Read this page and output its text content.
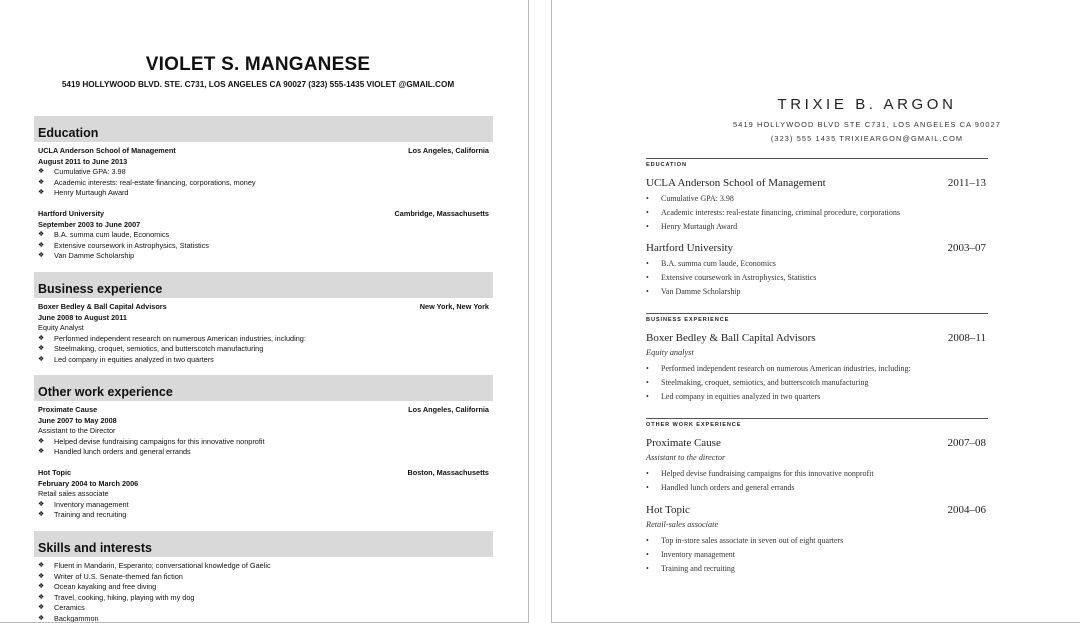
VIOLET S. MANGANESE
5419 HOLLYWOOD BLVD. STE. C731, LOS ANGELES CA 90027 (323) 555-1435 VIOLET @GMAIL.COM
Education
UCLA Anderson School of Management	Los Angeles, California
August 2011 to June 2013
❖ Cumulative GPA: 3.98
❖ Academic interests: real-estate financing, corporations, money
❖ Henry Murtaugh Award
Hartford University	Cambridge, Massachusetts
September 2003 to June 2007
❖ B.A. summa cum laude, Economics
❖ Extensive coursework in Astrophysics, Statistics
❖ Van Damme Scholarship
Business experience
Boxer Bedley & Ball Capital Advisors	New York, New York
June 2008 to August 2011
Equity Analyst
❖ Performed independent research on numerous American industries, including:
❖ Steelmaking, croquet, semiotics, and butterscotch manufacturing
❖ Led company in equities analyzed in two quarters
Other work experience
Proximate Cause	Los Angeles, California
June 2007 to May 2008
Assistant to the Director
❖ Helped devise fundraising campaigns for this innovative nonprofit
❖ Handled lunch orders and general errands
Hot Topic	Boston, Massachusetts
February 2004 to March 2006
Retail sales associate
❖ Inventory management
❖ Training and recruiting
Skills and interests
❖ Fluent in Mandarin, Esperanto; conversational knowledge of Gaelic
❖ Writer of U.S. Senate-themed fan fiction
❖ Ocean kayaking and free diving
❖ Travel, cooking, hiking, playing with my dog
❖ Ceramics
❖ Backgammon
TRIXIE B. ARGON
5419 HOLLYWOOD BLVD STE C731, LOS ANGELES CA 90027
(323) 555 1435 TRIXIEARGON@GMAIL.COM
EDUCATION
UCLA Anderson School of Management	2011–13
• Cumulative GPA: 3.98
• Academic interests: real-estate financing, criminal procedure, corporations
• Henry Murtaugh Award
Hartford University	2003–07
• B.A. summa cum laude, Economics
• Extensive coursework in Astrophysics, Statistics
• Van Damme Scholarship
BUSINESS EXPERIENCE
Boxer Bedley & Ball Capital Advisors	2008–11
Equity analyst
• Performed independent research on numerous American industries, including:
• Steelmaking, croquet, semiotics, and butterscotch manufacturing
• Led company in equities analyzed in two quarters
OTHER WORK EXPERIENCE
Proximate Cause	2007–08
Assistant to the director
• Helped devise fundraising campaigns for this innovative nonprofit
• Handled lunch orders and general errands
Hot Topic	2004–06
Retail-sales associate
• Top in-store sales associate in seven out of eight quarters
• Inventory management
• Training and recruiting
